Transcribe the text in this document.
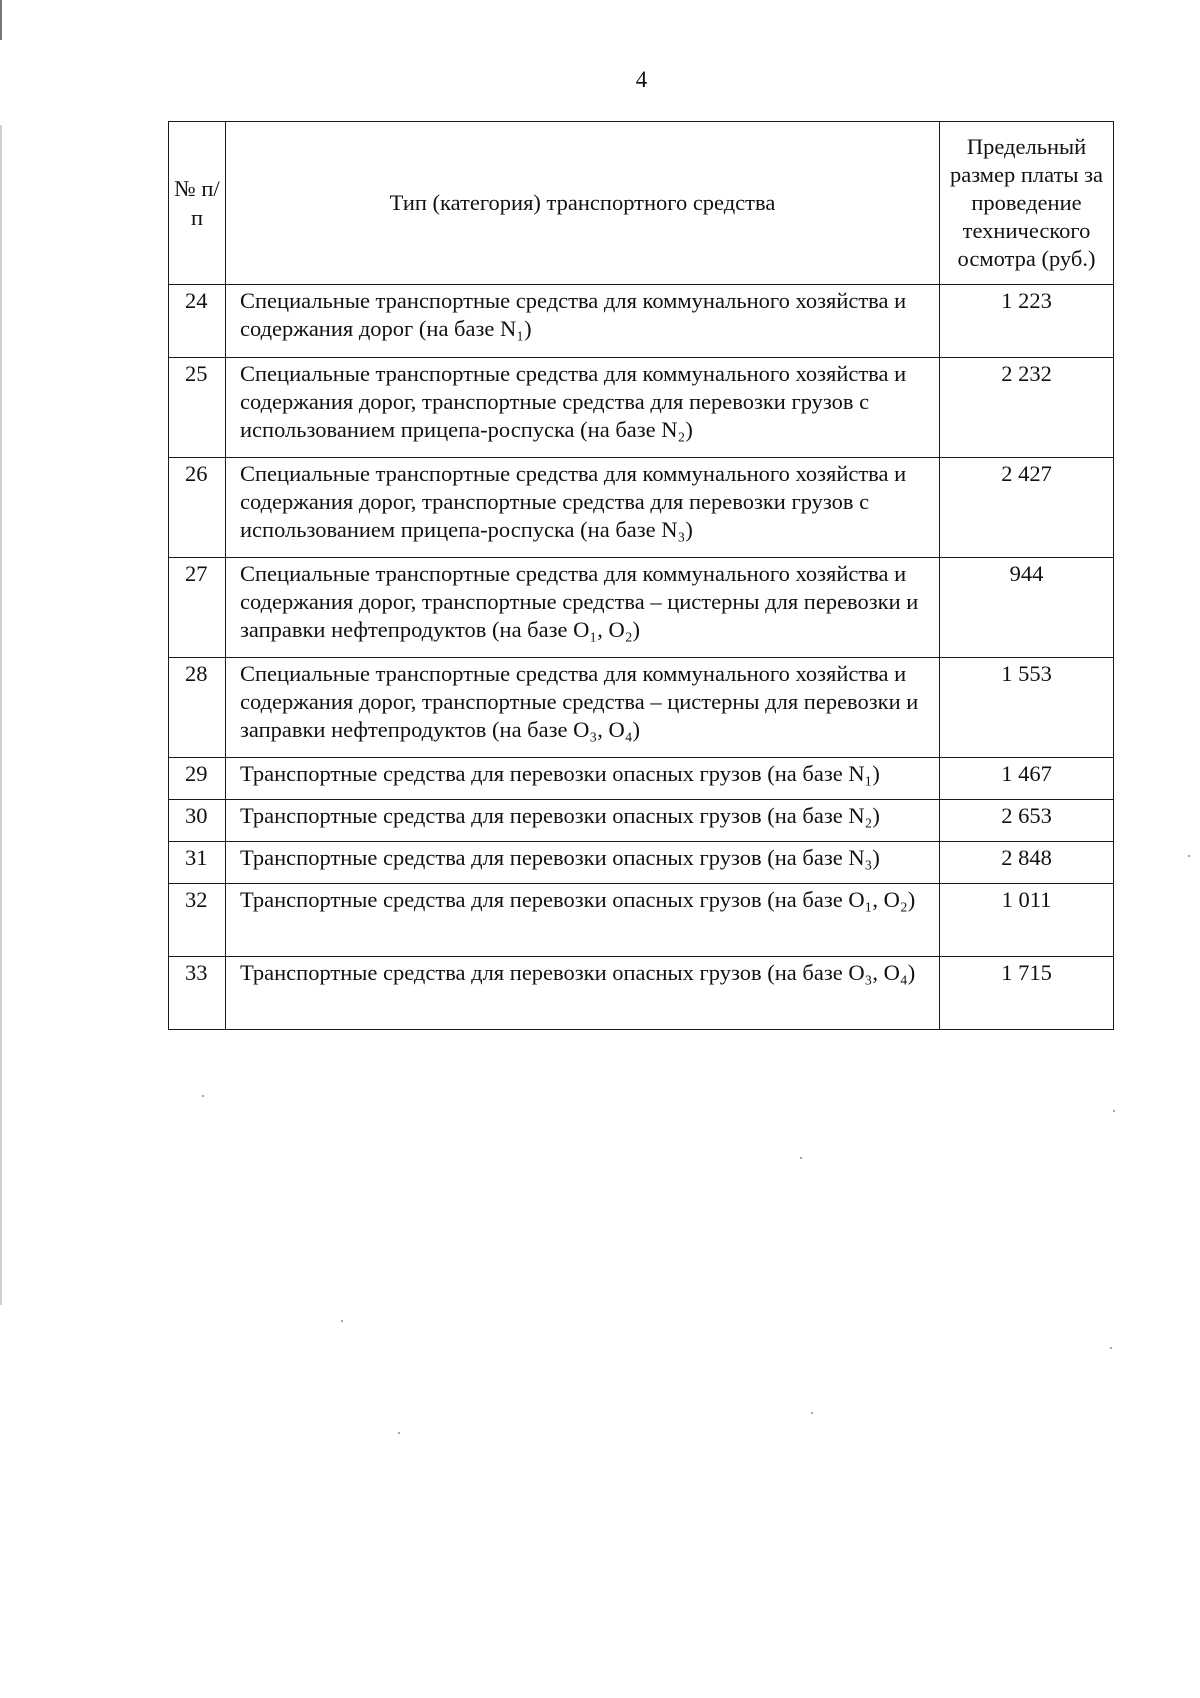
4
№ п/п	Тип (категория) транспортного средства	Предельный размер платы за проведение технического осмотра (руб.)
24	Специальные транспортные средства для коммунального хозяйства и содержания дорог (на базе N₁)	1 223
25	Специальные транспортные средства для коммунального хозяйства и содержания дорог, транспортные средства для перевозки грузов с использованием прицепа-роспуска (на базе N₂)	2 232
26	Специальные транспортные средства для коммунального хозяйства и содержания дорог, транспортные средства для перевозки грузов с использованием прицепа-роспуска (на базе N₃)	2 427
27	Специальные транспортные средства для коммунального хозяйства и содержания дорог, транспортные средства – цистерны для перевозки и заправки нефтепродуктов (на базе O₁, O₂)	944
28	Специальные транспортные средства для коммунального хозяйства и содержания дорог, транспортные средства – цистерны для перевозки и заправки нефтепродуктов (на базе O₃, O₄)	1 553
29	Транспортные средства для перевозки опасных грузов (на базе N₁)	1 467
30	Транспортные средства для перевозки опасных грузов (на базе N₂)	2 653
31	Транспортные средства для перевозки опасных грузов (на базе N₃)	2 848
32	Транспортные средства для перевозки опасных грузов (на базе O₁, O₂)	1 011
33	Транспортные средства для перевозки опасных грузов (на базе O₃, O₄)	1 715
